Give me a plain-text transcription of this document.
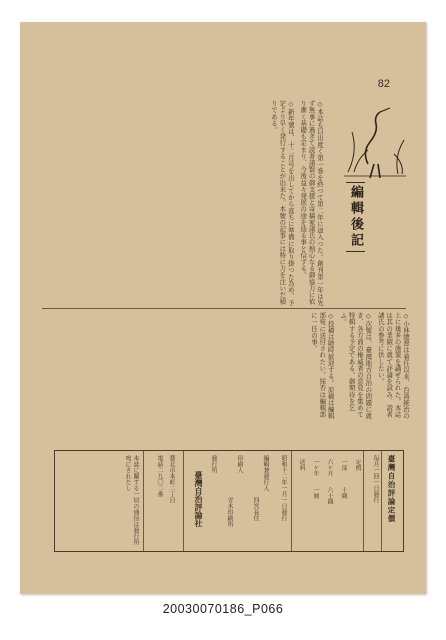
82
編輯後記

◇本誌も目出度く第一巻を終つて第二年に這入つた。創刊第一年は先ず無事に過ぎて読者諸賢の御支援と寄稿家諸氏の熱心なる御協力に依り漸く基礎も定まり、今後益々発展の途を辿る事と信ずる。

◇新年號は、十二月号を出してから直ちに準備に取り掛つた為め、予定より早く発行することが出来た。本號の記事には特に力を注いだ積りである。

◇小林總督は着任以来、台湾統治の上に幾多の施策を講ぜられた。本誌は其の業績に就て評論を試み、読者諸氏の参考に供したい。

◇次號は、臺灣地方自治の問題に就き、各方面の権威者の意見を集めて特輯する予定である。御期待を乞ふ。

◇投稿は随時歓迎する。原稿は編輯部宛に送付されたい。採否は編輯部に一任の事。

臺灣自治評論定價
毎月一回一日發行
定價
一部
十錢
六ケ月
六十錢
一ケ年
一圓
送料
昭和十二年一月一日發行
編輯兼發行人
四宮長住
印刷人
青木印刷所
發行所
臺灣自治評論社
臺北市本町二丁目
電話二九〇二番
本誌に關する一切の通信は發行所宛にされたし
20030070186_P066
